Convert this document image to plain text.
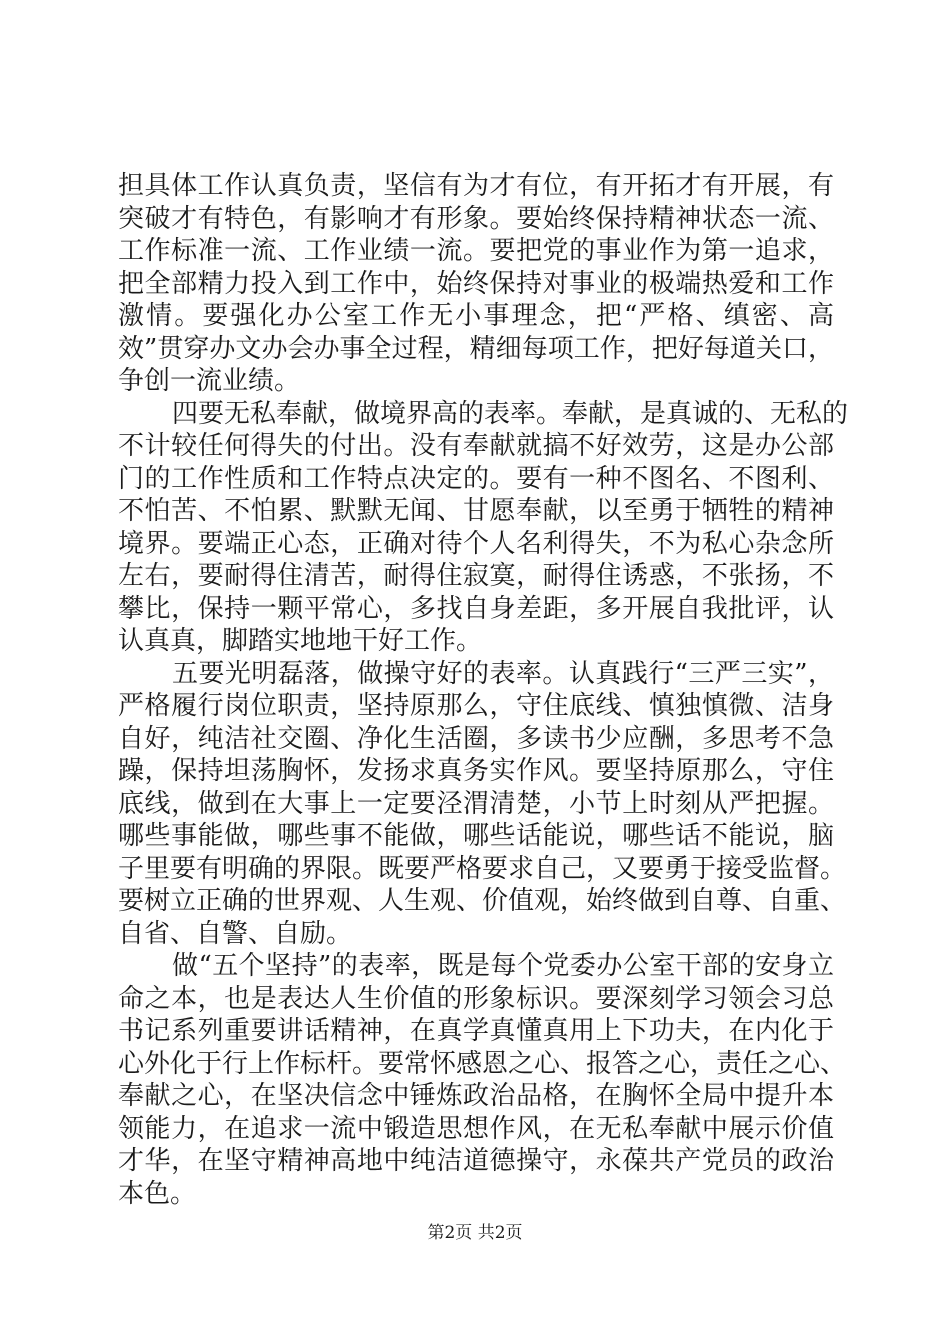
担具体工作认真负责，坚信有为才有位，有开拓才有开展，有
突破才有特色，有影响才有形象。要始终保持精神状态一流、
工作标准一流、工作业绩一流。要把党的事业作为第一追求，
把全部精力投入到工作中，始终保持对事业的极端热爱和工作
激情。要强化办公室工作无小事理念，把“严格、缜密、高
效”贯穿办文办会办事全过程，精细每项工作，把好每道关口，
争创一流业绩。
四要无私奉献，做境界高的表率。奉献，是真诚的、无私的
不计较任何得失的付出。没有奉献就搞不好效劳，这是办公部
门的工作性质和工作特点决定的。要有一种不图名、不图利、
不怕苦、不怕累、默默无闻、甘愿奉献，以至勇于牺牲的精神
境界。要端正心态，正确对待个人名利得失，不为私心杂念所
左右，要耐得住清苦，耐得住寂寞，耐得住诱惑，不张扬，不
攀比，保持一颗平常心，多找自身差距，多开展自我批评，认
认真真，脚踏实地地干好工作。
五要光明磊落，做操守好的表率。认真践行“三严三实”，
严格履行岗位职责，坚持原那么，守住底线、慎独慎微、洁身
自好，纯洁社交圈、净化生活圈，多读书少应酬，多思考不急
躁，保持坦荡胸怀，发扬求真务实作风。要坚持原那么，守住
底线，做到在大事上一定要泾渭清楚，小节上时刻从严把握。
哪些事能做，哪些事不能做，哪些话能说，哪些话不能说，脑
子里要有明确的界限。既要严格要求自己，又要勇于接受监督。
要树立正确的世界观、人生观、价值观，始终做到自尊、自重、
自省、自警、自励。
做“五个坚持”的表率，既是每个党委办公室干部的安身立
命之本，也是表达人生价值的形象标识。要深刻学习领会习总
书记系列重要讲话精神，在真学真懂真用上下功夫，在内化于
心外化于行上作标杆。要常怀感恩之心、报答之心，责任之心、
奉献之心，在坚决信念中锤炼政治品格，在胸怀全局中提升本
领能力，在追求一流中锻造思想作风，在无私奉献中展示价值
才华，在坚守精神高地中纯洁道德操守，永葆共产党员的政治
本色。
第2页 共2页
